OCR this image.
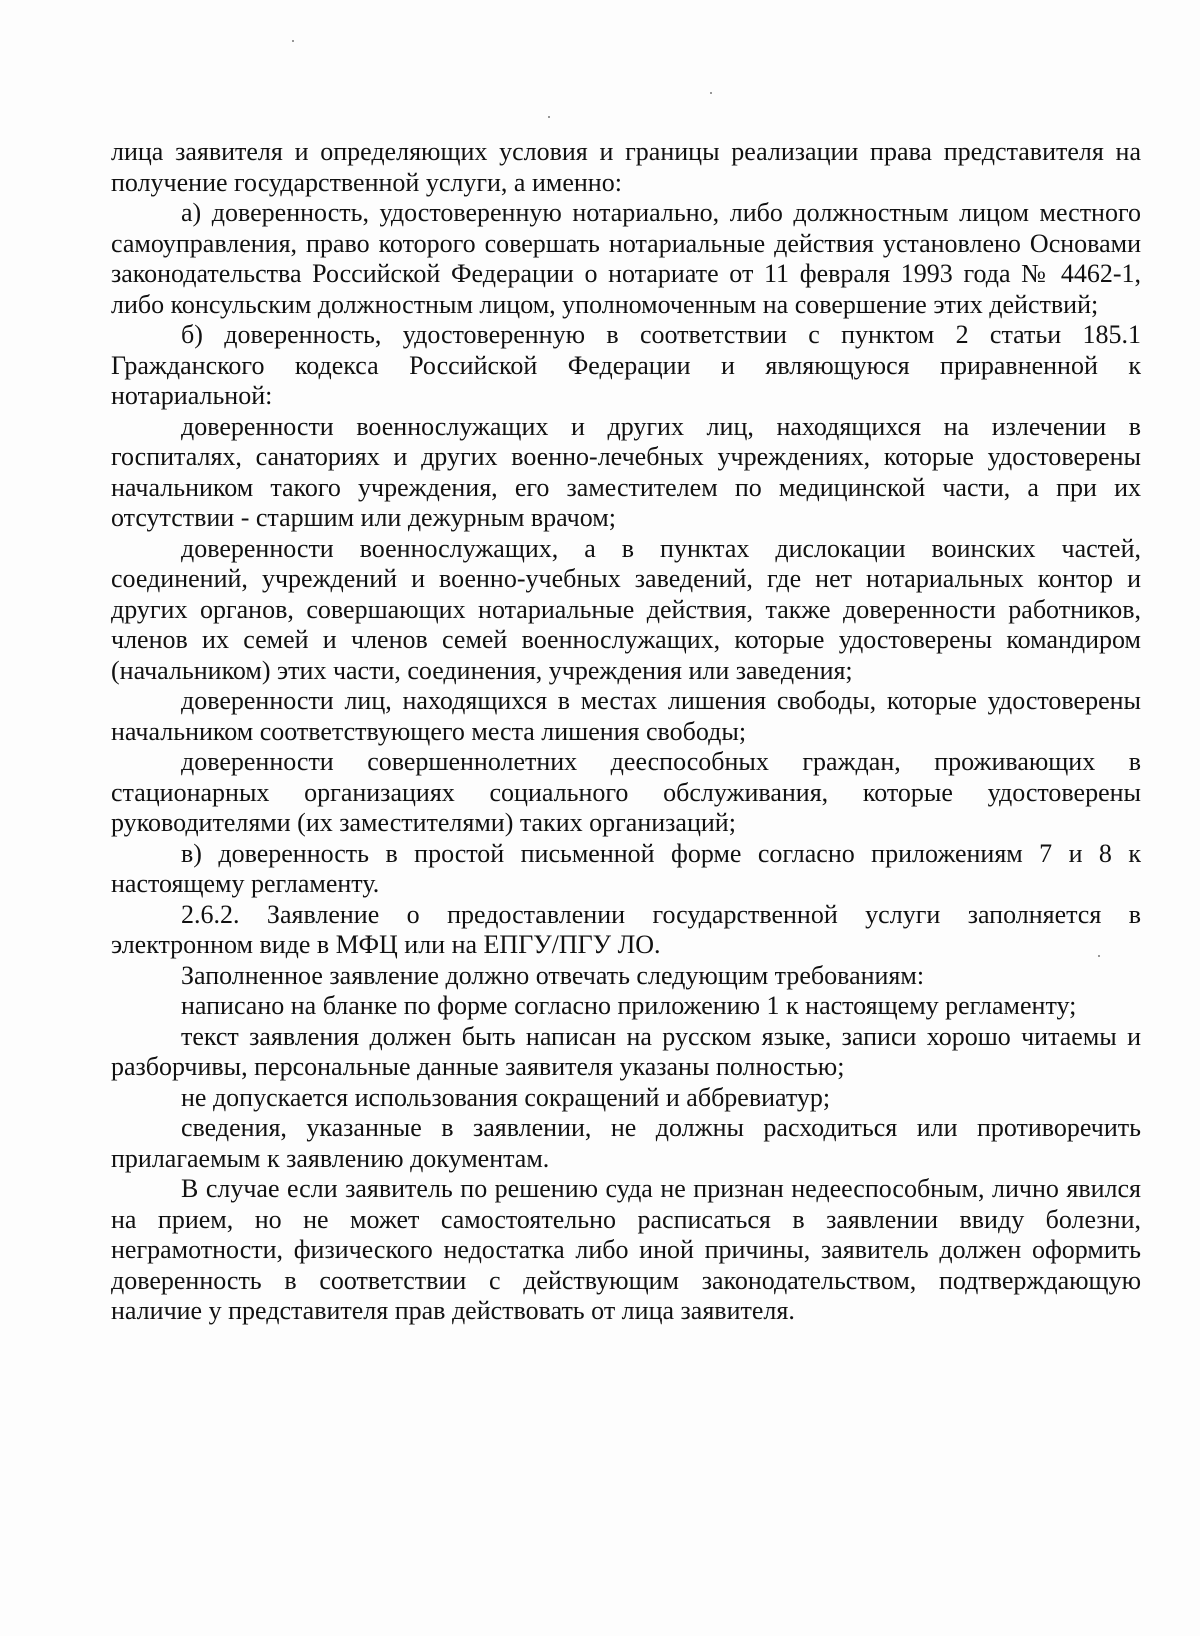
лица заявителя и определяющих условия и границы реализации права представителя на получение государственной услуги, а именно:

а) доверенность, удостоверенную нотариально, либо должностным лицом местного самоуправления, право которого совершать нотариальные действия установлено Основами законодательства Российской Федерации о нотариате от 11 февраля 1993 года № 4462-1, либо консульским должностным лицом, уполномоченным на совершение этих действий;

б) доверенность, удостоверенную в соответствии с пунктом 2 статьи 185.1 Гражданского кодекса Российской Федерации и являющуюся приравненной к нотариальной:

доверенности военнослужащих и других лиц, находящихся на излечении в госпиталях, санаториях и других военно-лечебных учреждениях, которые удостоверены начальником такого учреждения, его заместителем по медицинской части, а при их отсутствии - старшим или дежурным врачом;

доверенности военнослужащих, а в пунктах дислокации воинских частей, соединений, учреждений и военно-учебных заведений, где нет нотариальных контор и других органов, совершающих нотариальные действия, также доверенности работников, членов их семей и членов семей военнослужащих, которые удостоверены командиром (начальником) этих части, соединения, учреждения или заведения;

доверенности лиц, находящихся в местах лишения свободы, которые удостоверены начальником соответствующего места лишения свободы;

доверенности совершеннолетних дееспособных граждан, проживающих в стационарных организациях социального обслуживания, которые удостоверены руководителями (их заместителями) таких организаций;

в) доверенность в простой письменной форме согласно приложениям 7 и 8 к настоящему регламенту.

2.6.2. Заявление о предоставлении государственной услуги заполняется в электронном виде в МФЦ или на ЕПГУ/ПГУ ЛО.

Заполненное заявление должно отвечать следующим требованиям:

написано на бланке по форме согласно приложению 1 к настоящему регламенту;

текст заявления должен быть написан на русском языке, записи хорошо читаемы и разборчивы, персональные данные заявителя указаны полностью;

не допускается использования сокращений и аббревиатур;

сведения, указанные в заявлении, не должны расходиться или противоречить прилагаемым к заявлению документам.

В случае если заявитель по решению суда не признан недееспособным, лично явился на прием, но не может самостоятельно расписаться в заявлении ввиду болезни, неграмотности, физического недостатка либо иной причины, заявитель должен оформить доверенность в соответствии с действующим законодательством, подтверждающую наличие у представителя прав действовать от лица заявителя.
